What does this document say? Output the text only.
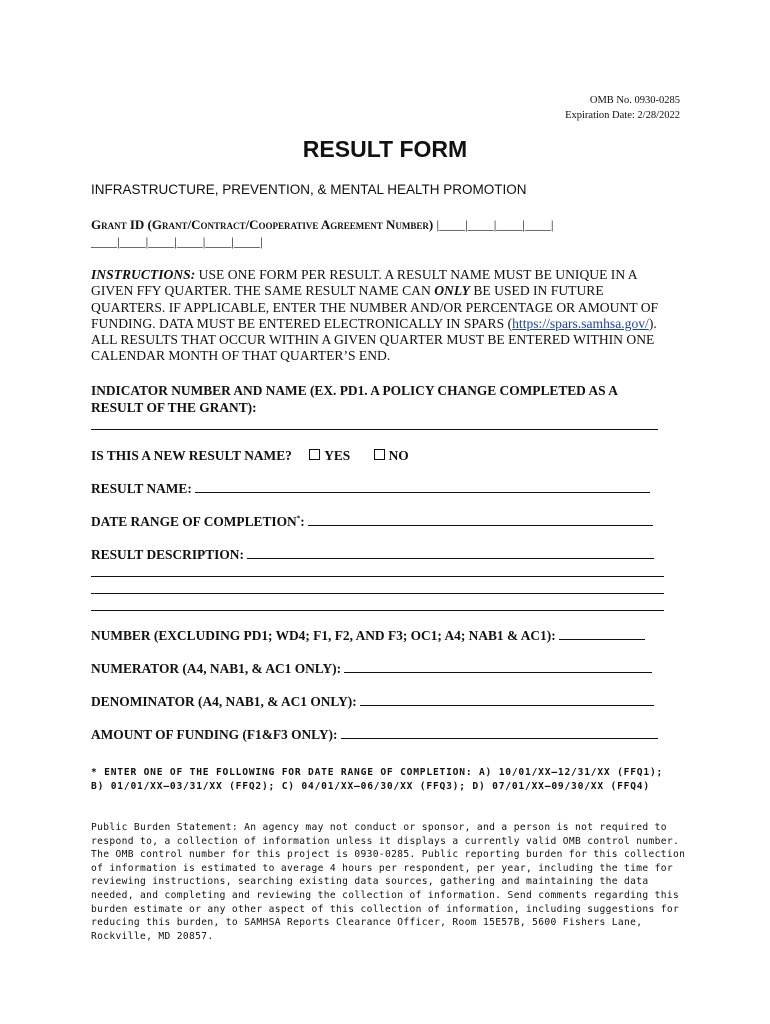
OMB No. 0930-0285
Expiration Date: 2/28/2022
RESULT FORM
INFRASTRUCTURE, PREVENTION, & MENTAL HEALTH PROMOTION
Grant ID (Grant/Contract/Cooperative Agreement Number) |____|____|____|____|
____|____|____|____|____|____|
INSTRUCTIONS: USE ONE FORM PER RESULT. A RESULT NAME MUST BE UNIQUE IN A GIVEN FFY QUARTER. THE SAME RESULT NAME CAN ONLY BE USED IN FUTURE QUARTERS. IF APPLICABLE, ENTER THE NUMBER AND/OR PERCENTAGE OR AMOUNT OF FUNDING. DATA MUST BE ENTERED ELECTRONICALLY IN SPARS (https://spars.samhsa.gov/). ALL RESULTS THAT OCCUR WITHIN A GIVEN QUARTER MUST BE ENTERED WITHIN ONE CALENDAR MONTH OF THAT QUARTER’S END.
INDICATOR NUMBER AND NAME (EX. PD1. A POLICY CHANGE COMPLETED AS A RESULT OF THE GRANT):
IS THIS A NEW RESULT NAME? YES	NO
RESULT NAME:
DATE RANGE OF COMPLETION*:
RESULT DESCRIPTION:
NUMBER (EXCLUDING PD1; WD4; F1, F2, AND F3; OC1; A4; NAB1 & AC1):
NUMERATOR (A4, NAB1, & AC1 ONLY):
DENOMINATOR (A4, NAB1, & AC1 ONLY):
AMOUNT OF FUNDING (F1&F3 ONLY):
* ENTER ONE OF THE FOLLOWING FOR DATE RANGE OF COMPLETION: A) 10/01/XX–12/31/XX (FFQ1); B) 01/01/XX–03/31/XX (FFQ2); C) 04/01/XX–06/30/XX (FFQ3); D) 07/01/XX–09/30/XX (FFQ4)
Public Burden Statement: An agency may not conduct or sponsor, and a person is not required to respond to, a collection of information unless it displays a currently valid OMB control number. The OMB control number for this project is 0930-0285. Public reporting burden for this collection of information is estimated to average 4 hours per respondent, per year, including the time for reviewing instructions, searching existing data sources, gathering and maintaining the data needed, and completing and reviewing the collection of information. Send comments regarding this burden estimate or any other aspect of this collection of information, including suggestions for reducing this burden, to SAMHSA Reports Clearance Officer, Room 15E57B, 5600 Fishers Lane, Rockville, MD 20857.
